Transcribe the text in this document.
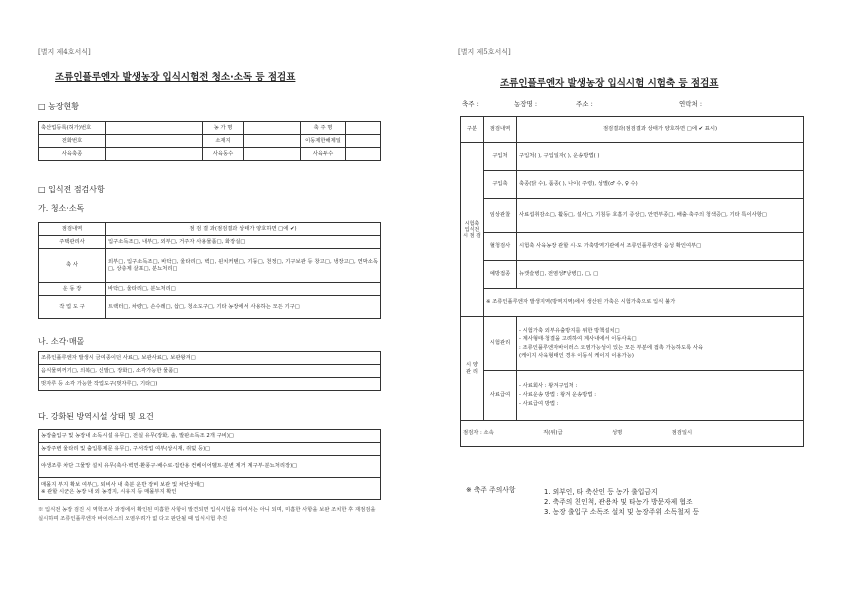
[별지 제4호서식]
조류인플루엔자 발생농장 입식시험전 청소·소독 등 점검표
□ 농장현황
축산업등록(허가)번호		농 가 명		축 주 명	
전화번호		소재지		이동제한해제일	
사육축종		사육동수		사육두수	
□ 입식전 점검사항
가. 청소·소독
점검내역	점 검 결 과(점검결과 상태가 양호하면 □에 ✔)
주택관리사	입구소독조□, 내부□, 외부□, 거주자 사용물품□, 화장실□
축 사	외부□, 입구소독조□, 바닥□, 울타리□, 벽□, 윈치커텐□, 기둥□, 천정□, 기구보관 등 창고□, 냉장고□, 연막소독□, 상층제 살포□, 분뇨처리□
운 동 장	바닥□, 울타리□, 분뇨처리□
작 업 도 구	트랙터□, 차량□, 손수레□, 삽□, 청소도구□, 기타 농장에서 사용하는 모든 기구□
나. 소각·매몰
조류인플루엔자 발생시 금여종이던 사료□, 보관사료□, 보관왕겨□
음식물찌꺼기□, 의복□, 신발□, 장화□, 소각가능한 물품□
벗자루 등 소각 가능한 작업도구(벗자루□, 기타□)
다. 강화된 방역시설 상태 및 요건
농장출입구 및 농장내 소독시설 유무□, 전실 유무(장화, 솔, 발판소독조 2개 구비)□
농장주변 울타리 및 출입통제문 유무□, 구서작업 여부(상시재, 쥐덫 등)□
야생조류 차단 그물망 설치 유무(축사·벽면·환풍구·배수로·집란용 컨베이어벨트·분변 제거 계구부·분뇨처리장)□

매몰지 부지 확보 여부□, 퇴비사 내 축분 운반 장비 보관 및 차단상태□
※ 관할 시군은 농장 내 외 농경지, 시유지 등 매몰부지 확인
※ 입식전 농장 검진 시 역학조사 과정에서 확인된 미흡한 사항이 발견되면 입식시험을 하여서는 아니 되며, 미흡한 사항을 보완 조치한 후 재점검을 실시하며 조류인플루엔자 바이러스의 오염우려가 없 다고 판단될 때 입식시험 추진
[별지 제5호서식]
조류인플루엔자 발생농장 입식시험 시험축 등 점검표
축주 :	농장명 :	주소 :	연락처 :
구분	점검내역	점검결과(점검결과 상태가 양호하면 □에 ✔ 표시)
시험축 입식전 시 점 검	구입처	구입처( ), 구입일자( ), 운송방법( )
	구입축	축종(닭 수), 품종( ), 나이( 주령), 성별(♂ 수, ♀ 수)
	임상관찰	사료섭취감소□, 활동□, 설사□, 기침등 호흡기 증상□, 안면부종□, 배출·축주의 청색증□, 기타 특이사항□
	혈청검사	시험축 사육농장 관할 시·도 가축방역기관에서 조류인플루엔자 음성 확인여부□
	예방접종	뉴캣슬병□, 전염성F낭병□, □, □
	※ 조류인플루엔자 발생지역(방역지역)에서 생산된 가축은 시험가축으로 입식 불가	
시 양 관 리	시험관리	- 시험가축 외부유출방지를 위한 방책설치□
- 계사형태·청결을 고려하여 계사내에서 이동사육□
: 조류인플루엔자바이러스 오염가능성이 있는 모든 부분에 접촉 가능하도록 사육
(케이지 사육형태인 경우 이동식 케이지 이용가능)
	사료급여	- 사료회사 : 왕겨구입처 :
- 사료운송 방법 : 왕겨 운송방법 :
- 사료급여 방법 :
점검자 : 소속 직(위)급 성명 점검일시		
※ 축주 주의사항	1. 외부인, 타 축산인 등 농가 출입금지
2. 축주의 친인척, 관용차 및 타농가 방문자제 협조
3. 농장 출입구 소독조 설치 및 농장주위 소독철저 등
